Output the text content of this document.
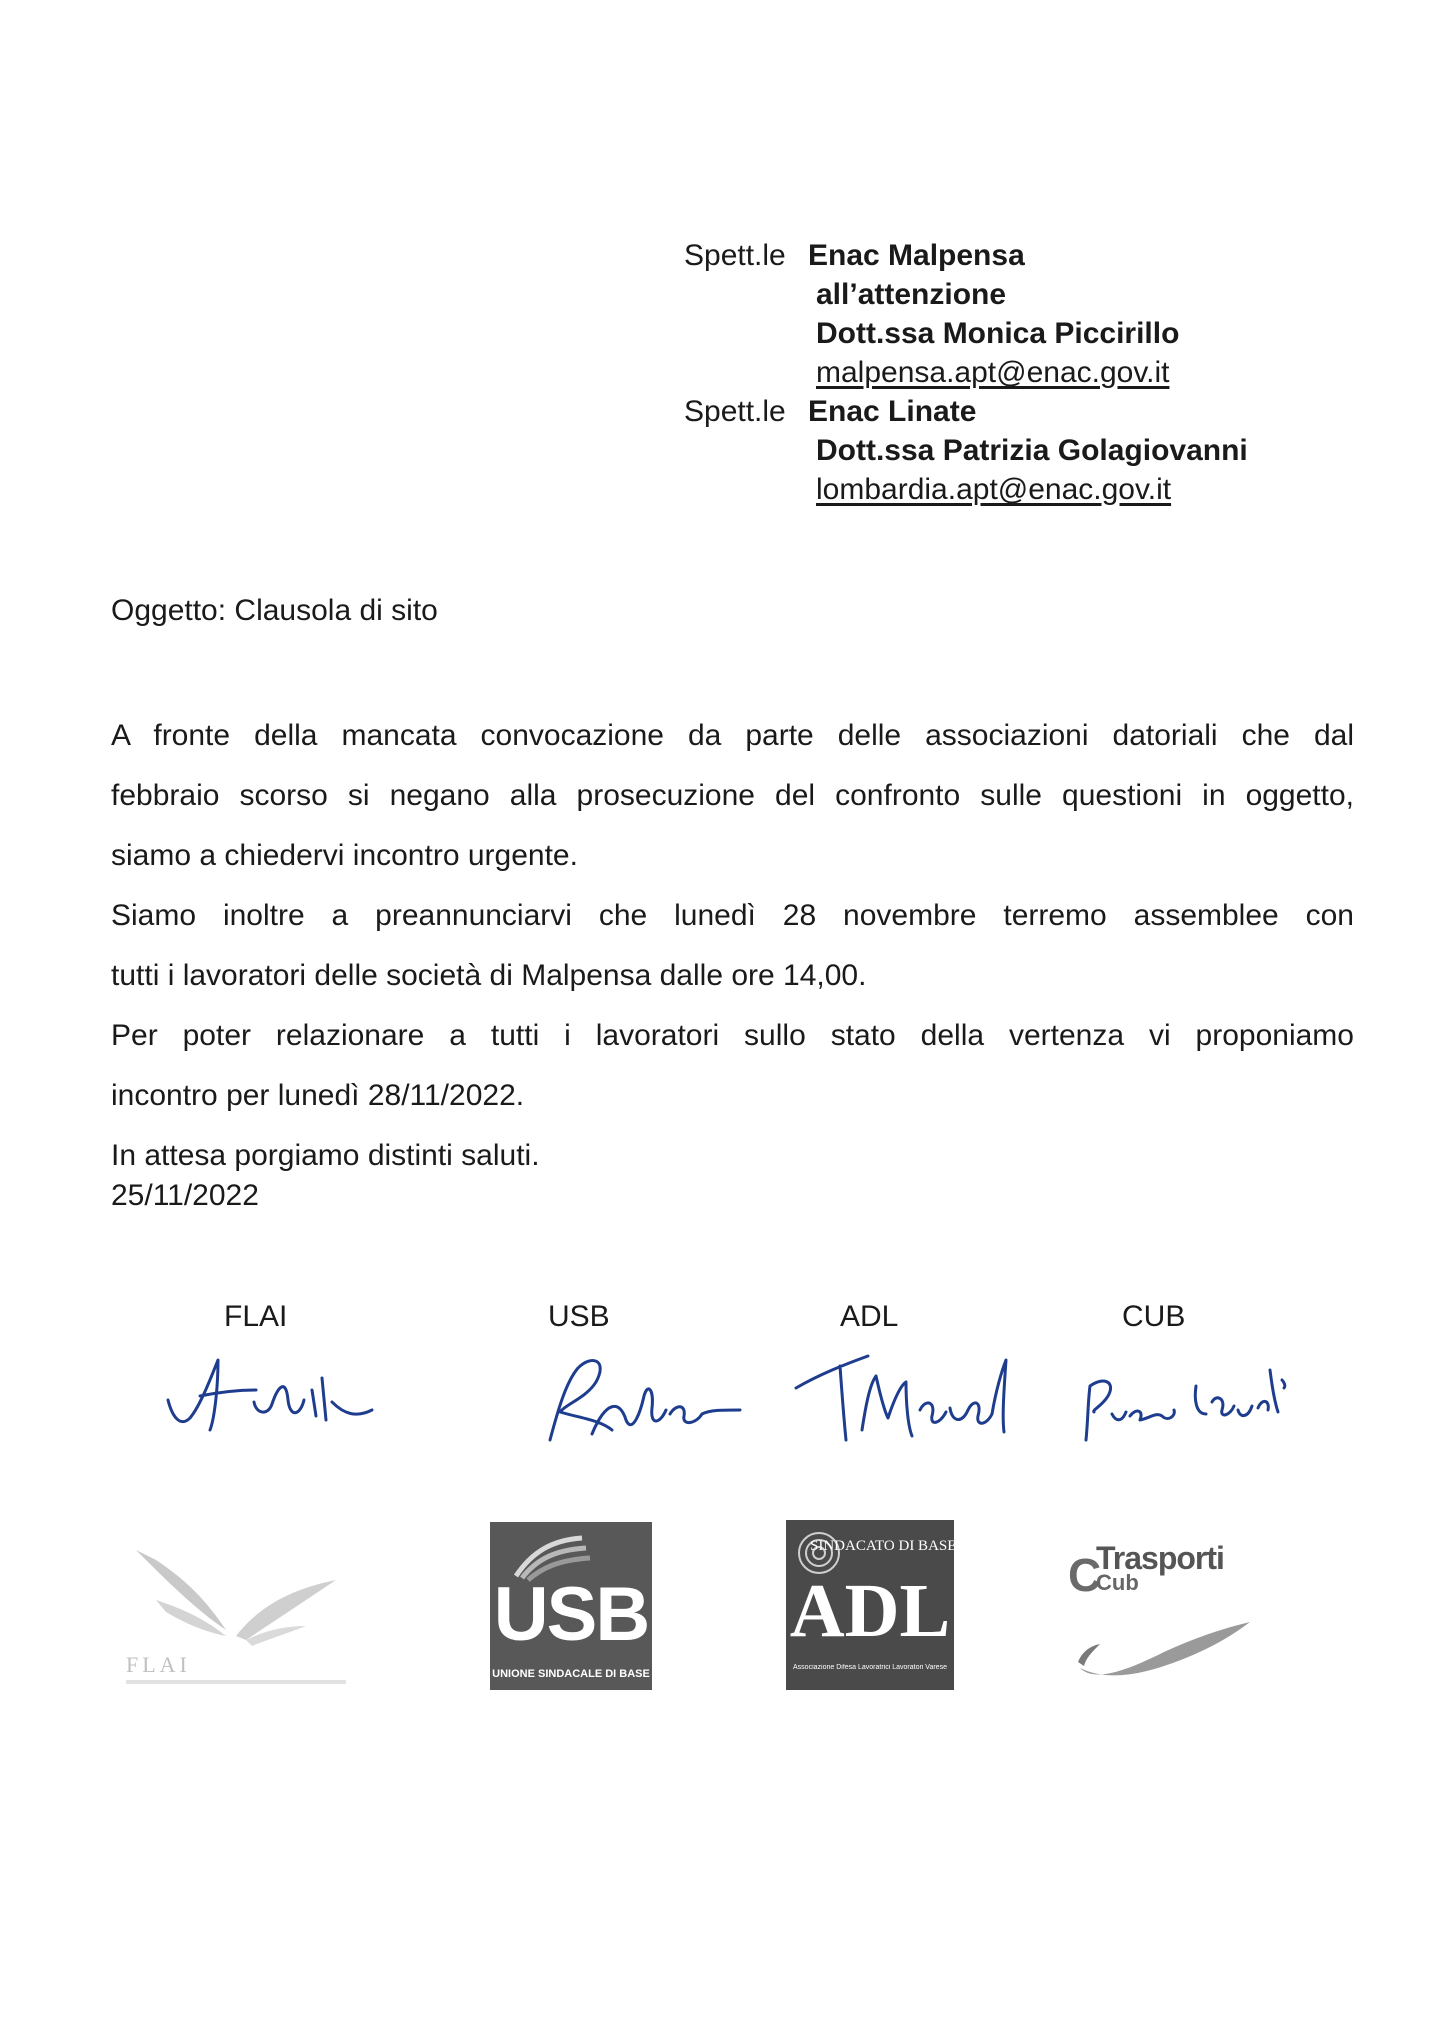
Spett.le Enac Malpensa
all’attenzione
Dott.ssa Monica Piccirillo
malpensa.apt@enac.gov.it
Spett.le Enac Linate
Dott.ssa Patrizia Golagiovanni
lombardia.apt@enac.gov.it
Oggetto: Clausola di sito

A fronte della mancata convocazione da parte delle associazioni datoriali che dal

febbraio scorso si negano alla prosecuzione del confronto sulle questioni in oggetto,

siamo a chiedervi incontro urgente.

Siamo inoltre a preannunciarvi che lunedì 28 novembre terremo assemblee con

tutti i lavoratori delle società di Malpensa dalle ore 14,00.

Per poter relazionare a tutti i lavoratori sullo stato della vertenza vi proponiamo

incontro per lunedì 28/11/2022.

In attesa porgiamo distinti saluti.

25/11/2022
FLAI	USB	ADL	CUB
FLAI
USB
UNIONE SINDACALE DI BASE
SINDACATO DI BASE
ADL
Associazione Difesa Lavoratrici Lavoratori Varese
C
Trasporti
Cub
